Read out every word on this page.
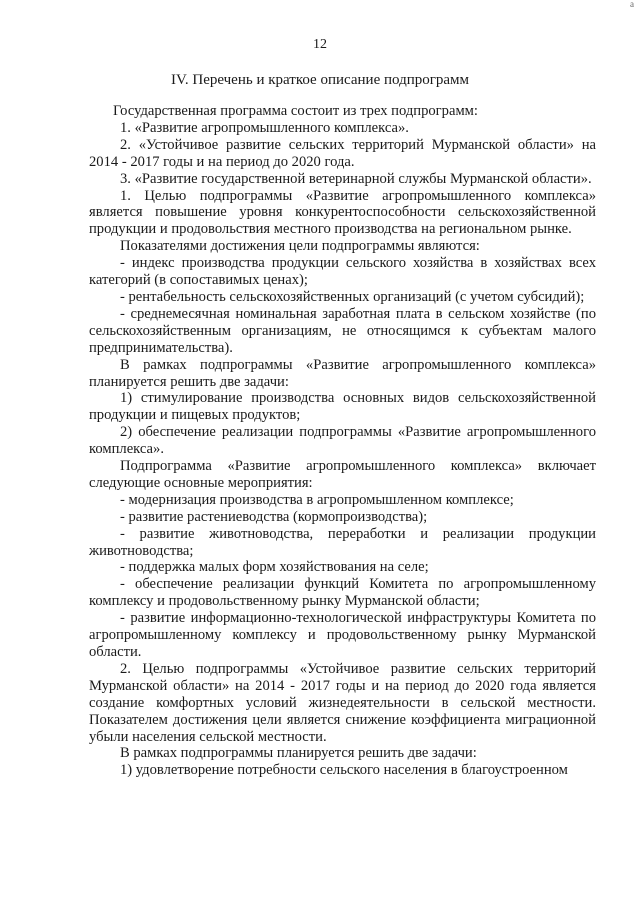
а
12
IV. Перечень и краткое описание подпрограмм

Государственная программа состоит из трех подпрограмм:

1. «Развитие агропромышленного комплекса».

2. «Устойчивое развитие сельских территорий Мурманской области» на 2014 - 2017 годы и на период до 2020 года.

3. «Развитие государственной ветеринарной службы Мурманской области».

1. Целью подпрограммы «Развитие агропромышленного комплекса» является повышение уровня конкурентоспособности сельскохозяйственной продукции и продовольствия местного производства на региональном рынке.

Показателями достижения цели подпрограммы являются:

- индекс производства продукции сельского хозяйства в хозяйствах всех категорий (в сопоставимых ценах);

- рентабельность сельскохозяйственных организаций (с учетом субсидий);

- среднемесячная номинальная заработная плата в сельском хозяйстве (по сельскохозяйственным организациям, не относящимся к субъектам малого предпринимательства).

В рамках подпрограммы «Развитие агропромышленного комплекса» планируется решить две задачи:

1) стимулирование производства основных видов сельскохозяйственной продукции и пищевых продуктов;

2) обеспечение реализации подпрограммы «Развитие агропромышленного комплекса».

Подпрограмма «Развитие агропромышленного комплекса» включает следующие основные мероприятия:

- модернизация производства в агропромышленном комплексе;

- развитие растениеводства (кормопроизводства);

- развитие животноводства, переработки и реализации продукции животноводства;

- поддержка малых форм хозяйствования на селе;

- обеспечение реализации функций Комитета по агропромышленному комплексу и продовольственному рынку Мурманской области;

- развитие информационно-технологической инфраструктуры Комитета по агропромышленному комплексу и продовольственному рынку Мурманской области.

2. Целью подпрограммы «Устойчивое развитие сельских территорий Мурманской области» на 2014 - 2017 годы и на период до 2020 года является создание комфортных условий жизнедеятельности в сельской местности. Показателем достижения цели является снижение коэффициента миграционной убыли населения сельской местности.

В рамках подпрограммы планируется решить две задачи:

1) удовлетворение потребности сельского населения в благоустроенном
